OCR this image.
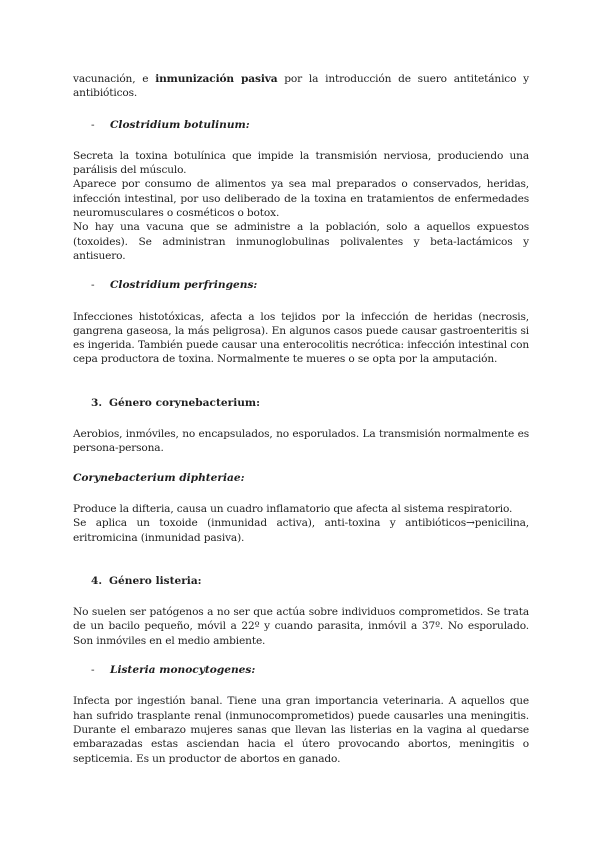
vacunación, e inmunización pasiva por la introducción de suero antitetánico y antibióticos.

- Clostridium botulinum:

Secreta la toxina botulínica que impide la transmisión nerviosa, produciendo una parálisis del músculo.

Aparece por consumo de alimentos ya sea mal preparados o conservados, heridas, infección intestinal, por uso deliberado de la toxina en tratamientos de enfermedades neuromusculares o cosméticos o botox.

No hay una vacuna que se administre a la población, solo a aquellos expuestos (toxoides). Se administran inmunoglobulinas polivalentes y beta-lactámicos y antisuero.

- Clostridium perfringens:

Infecciones histotóxicas, afecta a los tejidos por la infección de heridas (necrosis, gangrena gaseosa, la más peligrosa). En algunos casos puede causar gastroenteritis si es ingerida. También puede causar una enterocolitis necrótica: infección intestinal con cepa productora de toxina. Normalmente te mueres o se opta por la amputación.

3. Género corynebacterium:

Aerobios, inmóviles, no encapsulados, no esporulados. La transmisión normalmente es persona-persona.

Corynebacterium diphteriae:

Produce la difteria, causa un cuadro inflamatorio que afecta al sistema respiratorio.

Se aplica un toxoide (inmunidad activa), anti-toxina y antibióticos→penicilina, eritromicina (inmunidad pasiva).

4. Género listeria:

No suelen ser patógenos a no ser que actúa sobre individuos comprometidos. Se trata de un bacilo pequeño, móvil a 22º y cuando parasita, inmóvil a 37º. No esporulado. Son inmóviles en el medio ambiente.

- Listeria monocytogenes:

Infecta por ingestión banal. Tiene una gran importancia veterinaria. A aquellos que han sufrido trasplante renal (inmunocomprometidos) puede causarles una meningitis. Durante el embarazo mujeres sanas que llevan las listerias en la vagina al quedarse embarazadas estas asciendan hacia el útero provocando abortos, meningitis o septicemia. Es un productor de abortos en ganado.
